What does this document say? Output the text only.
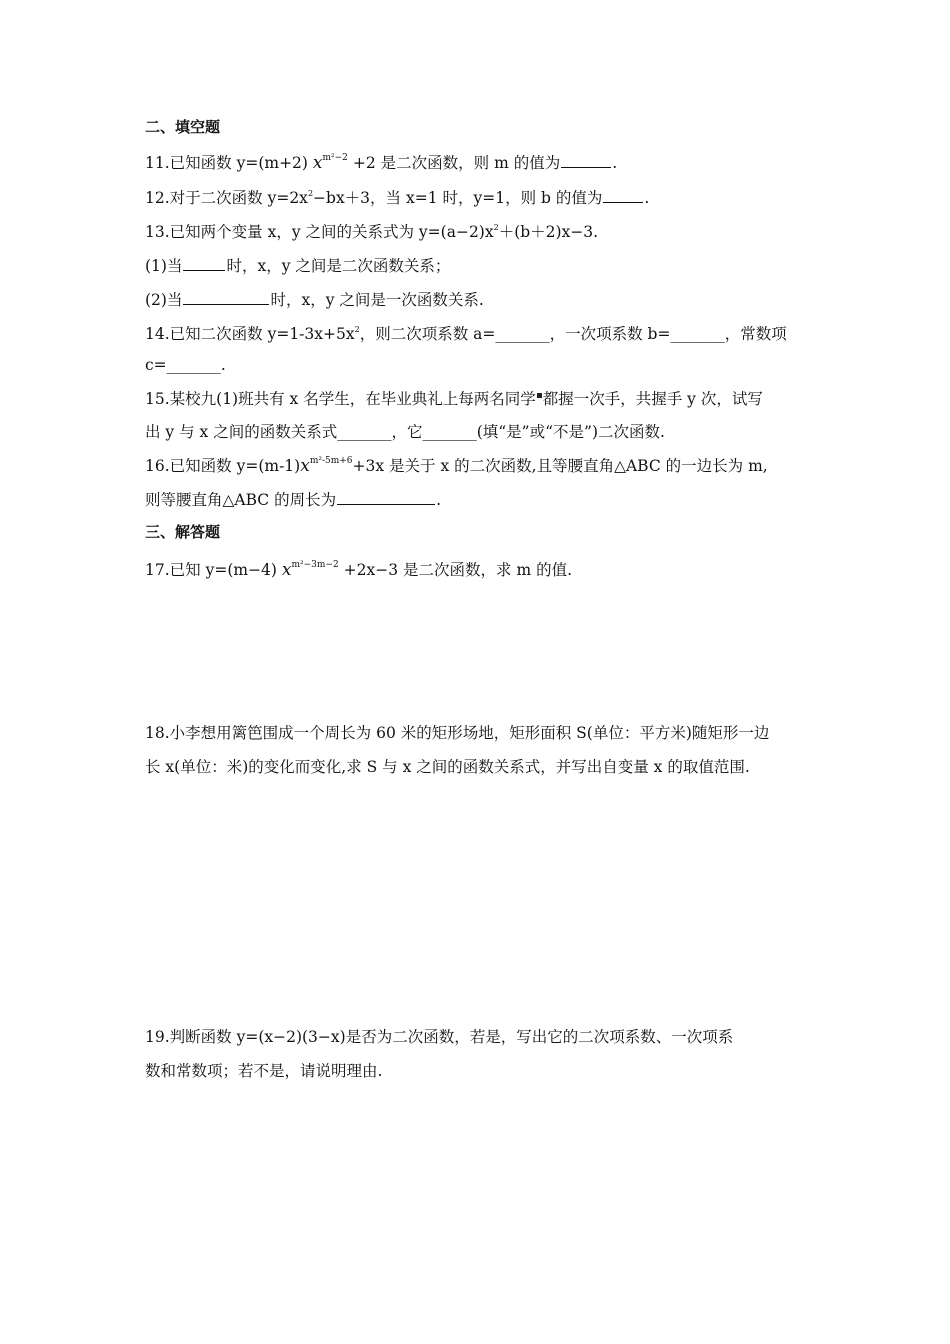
二、填空题
11.已知函数 y=(m+2) $x^{m^2-2} +2$ 是二次函数，则 m 的值为	.
12.对于二次函数 $y=2x^2-bx+3$，当 x=1 时，y=1，则 b 的值为	.
13.已知两个变量 x，y 之间的关系式为 $y=(a-2)x^2+(b+2)x-3$.
(1)当	时，x，y 之间是二次函数关系；
(2)当	时，x，y 之间是一次函数关系.
14.已知二次函数 $y=1-3x+5x^2$，则二次项系数 a=_______，一次项系数 b=_______，常数项
c=_______.
15.某校九(1)班共有 x 名学生，在毕业典礼上每两名同学 都握一次手，共握手 y 次，试写
出 y 与 x 之间的函数关系式_______，它_______(填“是”或“不是”)二次函数.
16.已知函数 $y=(m-1)x^{m^2-5m+6}+3x$ 是关于 x 的二次函数,且等腰直角△ABC 的一边长为 m,
则等腰直角△ABC 的周长为	.
三、解答题
17.已知 y=(m−4) $x^{m^2-3m-2} +2x-3$ 是二次函数，求 m 的值.
18.小李想用篱笆围成一个周长为 60 米的矩形场地，矩形面积 S(单位：平方米)随矩形一边
长 x(单位：米)的变化而变化,求 S 与 x 之间的函数关系式，并写出自变量 x 的取值范围.
19.判断函数 y=(x−2)(3−x)是否为二次函数，若是，写出它的二次项系数、一次项系
数和常数项；若不是，请说明理由.
